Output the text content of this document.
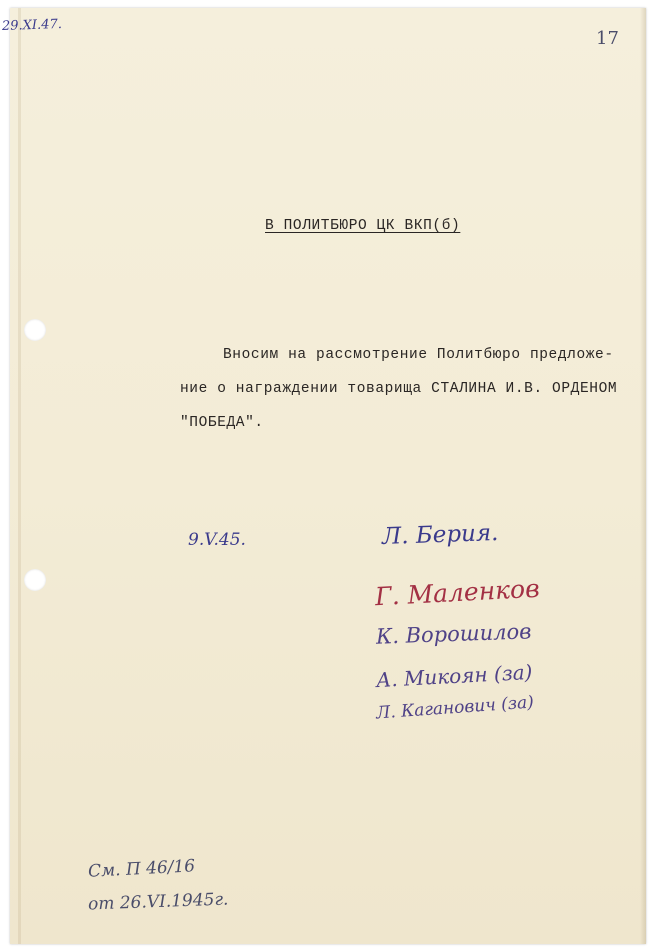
29.XI.47.
17
В ПОЛИТБЮРО ЦК ВКП(б)
Вносим на рассмотрение Политбюро предложе-
ние о награждении товарища СТАЛИНА И.В. ОРДЕНОМ
"ПОБЕДА".
9.V.45.	Л. Берия.
Г. Маленков
К. Ворошилов
А. Микоян (за)
Л. Каганович (за)
См. П 46/16
от 26.VI.1945г.
